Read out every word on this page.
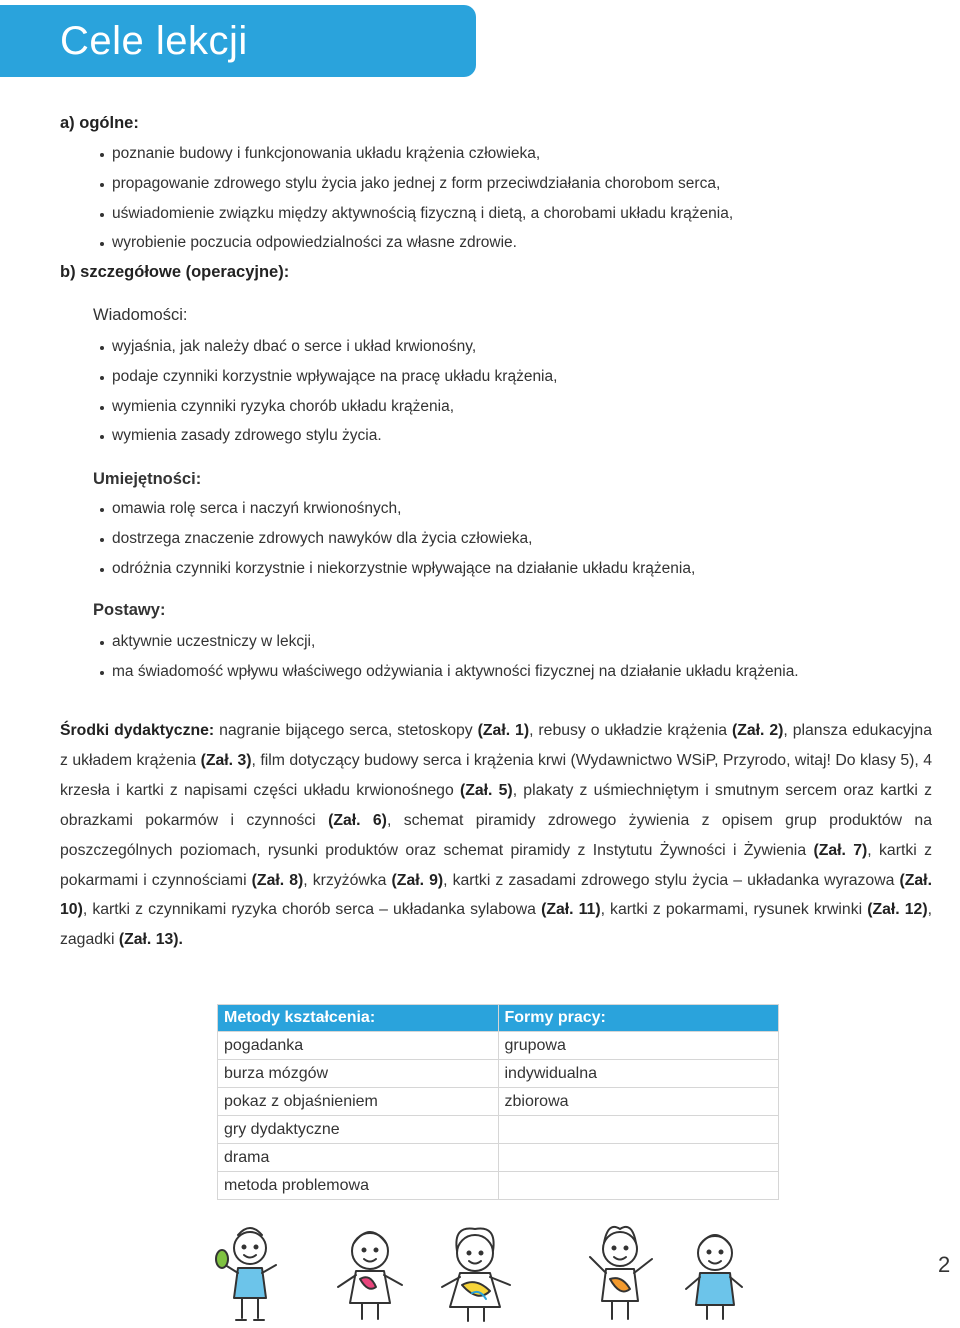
Cele lekcji
a) ogólne:
poznanie budowy i funkcjonowania układu krążenia człowieka,
propagowanie zdrowego stylu życia jako jednej z form przeciwdziałania chorobom serca,
uświadomienie związku między aktywnością fizyczną i dietą, a chorobami układu krążenia,
wyrobienie poczucia odpowiedzialności za własne zdrowie.
b) szczegółowe (operacyjne):
Wiadomości:
wyjaśnia, jak należy dbać o serce i układ krwionośny,
podaje czynniki korzystnie wpływające na pracę układu krążenia,
wymienia czynniki ryzyka chorób układu krążenia,
wymienia zasady zdrowego stylu życia.
Umiejętności:
omawia rolę serca i naczyń krwionośnych,
dostrzega znaczenie zdrowych nawyków dla życia człowieka,
odróżnia czynniki korzystnie i niekorzystnie wpływające na działanie układu krążenia,
Postawy:
aktywnie uczestniczy w lekcji,
ma świadomość wpływu właściwego odżywiania i aktywności fizycznej na działanie układu krążenia.
Środki dydaktyczne: nagranie bijącego serca, stetoskopy (Zał. 1), rebusy o układzie krążenia (Zał. 2), plansza edukacyjna z układem krążenia (Zał. 3), film dotyczący budowy serca i krążenia krwi (Wydawnictwo WSiP, Przyrodo, witaj! Do klasy 5), 4 krzesła i kartki z napisami części układu krwionośnego (Zał. 5), plakaty z uśmiechniętym i smutnym sercem oraz kartki z obrazkami pokarmów i czynności (Zał. 6), schemat piramidy zdrowego żywienia z opisem grup produktów na poszczególnych poziomach, rysunki produktów oraz schemat piramidy z Instytutu Żywności i Żywienia (Zał. 7), kartki z pokarmami i czynnościami (Zał. 8), krzyżówka (Zał. 9), kartki z zasadami zdrowego stylu życia – układanka wyrazowa (Zał. 10), kartki z czynnikami ryzyka chorób serca – układanka sylabowa (Zał. 11), kartki z pokarmami, rysunek krwinki (Zał. 12), zagadki (Zał. 13).
Metody kształcenia:	Formy pracy:
pogadanka	grupowa
burza mózgów	indywidualna
pokaz z objaśnieniem	zbiorowa
gry dydaktyczne	
drama	
metoda problemowa	
2
